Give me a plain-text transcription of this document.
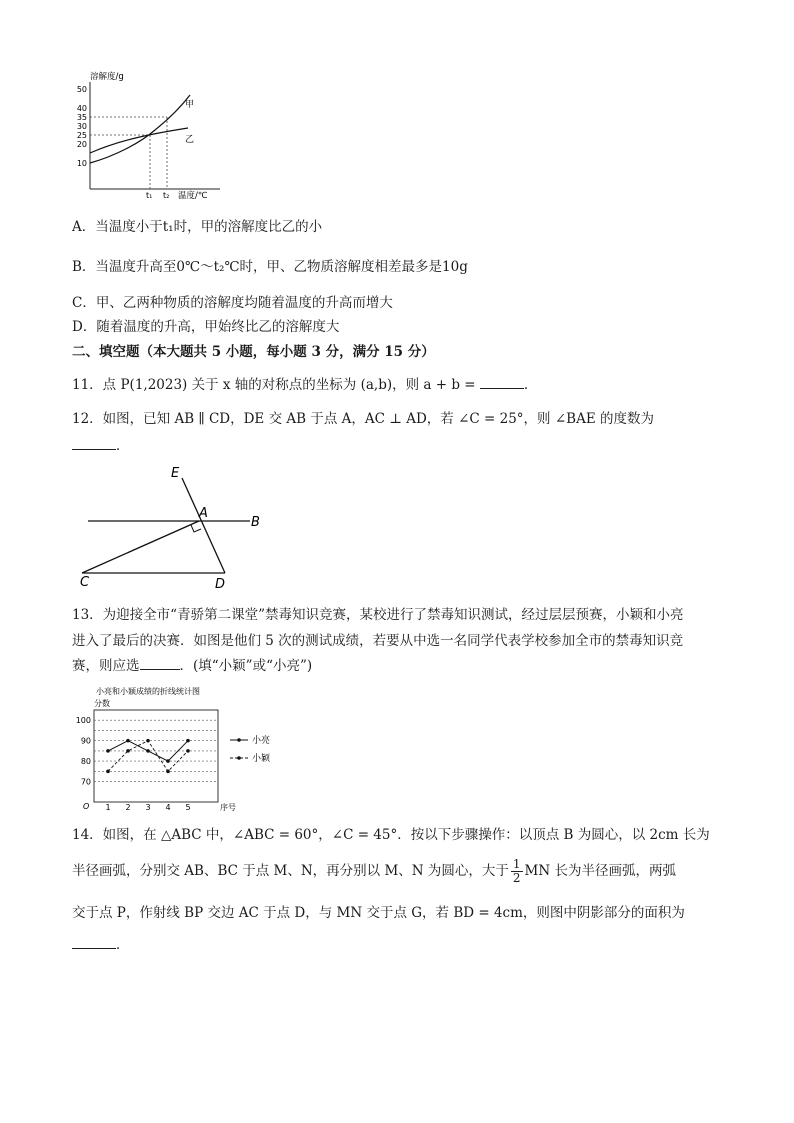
溶解度/g
50
40
35
30
25
20
10
甲
乙
t₁ t₂ 温度/℃
A．当温度小于t₁时，甲的溶解度比乙的小
B．当温度升高至0℃～t₂℃时，甲、乙物质溶解度相差最多是10g
C．甲、乙两种物质的溶解度均随着温度的升高而增大
D．随着温度的升高，甲始终比乙的溶解度大
二、填空题（本大题共 5 小题，每小题 3 分，满分 15 分）
11．点 P(1,2023) 关于 x 轴的对称点的坐标为 (a,b)，则 a + b =	．
12．如图，已知 AB ∥ CD，DE 交 AB 于点 A，AC ⊥ AD，若 ∠C = 25°，则 ∠BAE 的度数为
．
E
A
B
C	D
13．为迎接全市“青骄第二课堂”禁毒知识竞赛，某校进行了禁毒知识测试，经过层层预赛，小颖和小亮
进入了最后的决赛．如图是他们 5 次的测试成绩，若要从中选一名同学代表学校参加全市的禁毒知识竞
赛，则应选	．(填“小颖”或“小亮”)
小亮和小颖成绩的折线统计图
分数
70
80
90
100
1 2 3 4 5
O	序号
小亮
小颖
14．如图，在 △ABC 中，∠ABC = 60°，∠C = 45°．按以下步骤操作：以顶点 B 为圆心，以 2cm 长为
半径画弧，分别交 AB、BC 于点 M、N，再分别以 M、N 为圆心，大于 1
2 MN 长为半径画弧，两弧
交于点 P，作射线 BP 交边 AC 于点 D，与 MN 交于点 G，若 BD = 4cm，则图中阴影部分的面积为
．
